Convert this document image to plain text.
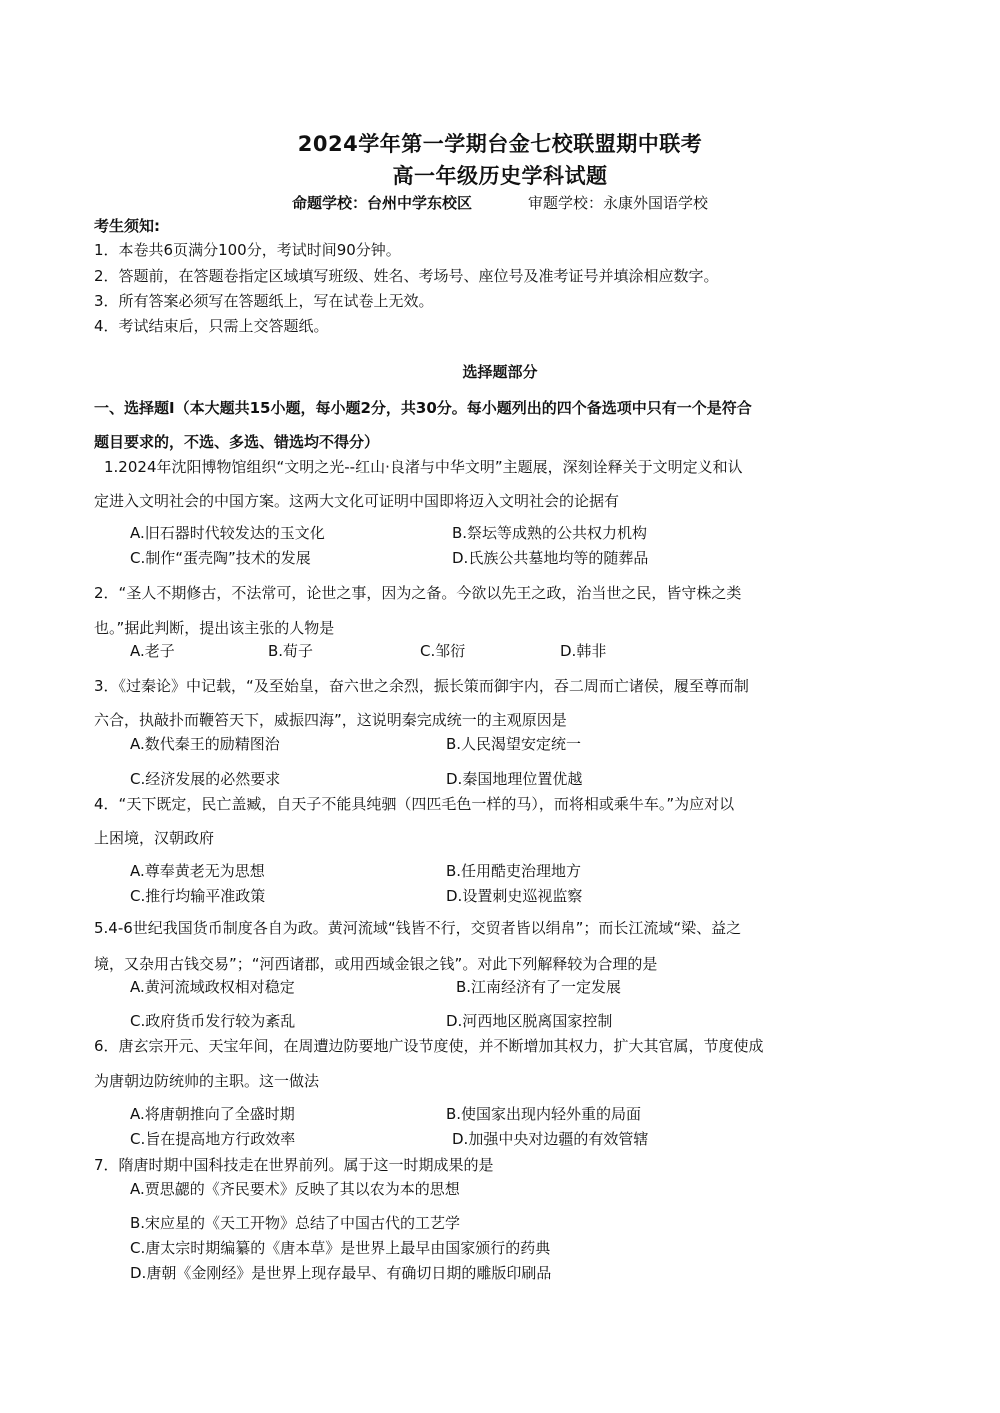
2024学年第一学期台金七校联盟期中联考
高一年级历史学科试题
命题学校：台州中学东校区	审题学校：永康外国语学校
考生须知:
1．本卷共6页满分100分，考试时间90分钟。
2．答题前，在答题卷指定区域填写班级、姓名、考场号、座位号及准考证号并填涂相应数字。
3．所有答案必须写在答题纸上，写在试卷上无效。
4．考试结束后，只需上交答题纸。
选择题部分
一、选择题Ⅰ（本大题共15小题，每小题2分，共30分。每小题列出的四个备选项中只有一个是符合
题目要求的，不选、多选、错选均不得分）
1.2024年沈阳博物馆组织“文明之光--红山·良渚与中华文明”主题展，深刻诠释关于文明定义和认
定进入文明社会的中国方案。这两大文化可证明中国即将迈入文明社会的论据有
A.旧石器时代较发达的玉文化	B.祭坛等成熟的公共权力机构
C.制作“蛋壳陶”技术的发展	D.氏族公共墓地均等的随葬品
2．“圣人不期修古，不法常可，论世之事，因为之备。今欲以先王之政，治当世之民，皆守株之类
也。”据此判断，提出该主张的人物是
A.老子	B.荀子	C.邹衍	D.韩非
3．《过秦论》中记载，“及至始皇，奋六世之余烈，振长策而御宇内，吞二周而亡诸侯，履至尊而制
六合，执敲扑而鞭笞天下，威振四海”，这说明秦完成统一的主观原因是
A.数代秦王的励精图治	B.人民渴望安定统一
C.经济发展的必然要求	D.秦国地理位置优越
4．“天下既定，民亡盖臧，自天子不能具纯驷（四匹毛色一样的马），而将相或乘牛车。”为应对以
上困境，汉朝政府
A.尊奉黄老无为思想	B.任用酷吏治理地方
C.推行均输平准政策	D.设置刺史巡视监察
5.4-6世纪我国货币制度各自为政。黄河流域“钱皆不行，交贸者皆以绢帛”；而长江流域“梁、益之
境，又杂用古钱交易”；“河西诸郡，或用西域金银之钱”。对此下列解释较为合理的是
A.黄河流域政权相对稳定	B.江南经济有了一定发展
C.政府货币发行较为紊乱	D.河西地区脱离国家控制
6．唐玄宗开元、天宝年间，在周遭边防要地广设节度使，并不断增加其权力，扩大其官属，节度使成
为唐朝边防统帅的主职。这一做法
A.将唐朝推向了全盛时期	B.使国家出现内轻外重的局面
C.旨在提高地方行政效率	D.加强中央对边疆的有效管辖
7．隋唐时期中国科技走在世界前列。属于这一时期成果的是
A.贾思勰的《齐民要术》反映了其以农为本的思想
B.宋应星的《天工开物》总结了中国古代的工艺学
C.唐太宗时期编纂的《唐本草》是世界上最早由国家颁行的药典
D.唐朝《金刚经》是世界上现存最早、有确切日期的雕版印刷品
